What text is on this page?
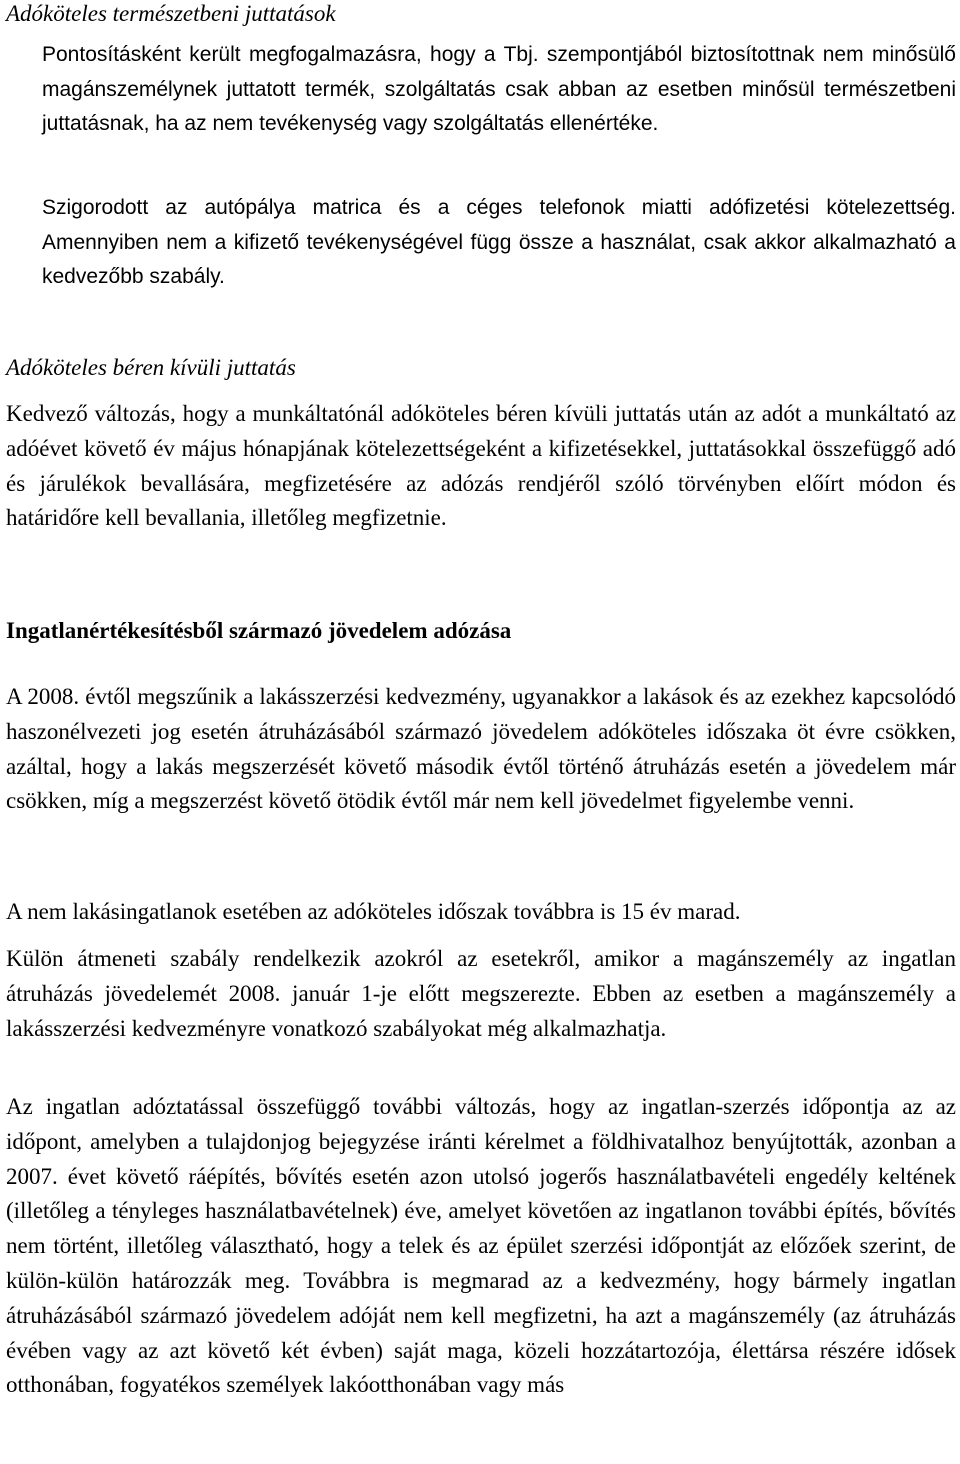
Adóköteles természetbeni juttatások

Pontosításként került megfogalmazásra, hogy a Tbj. szempontjából biztosítottnak nem minősülő magánszemélynek juttatott termék, szolgáltatás csak abban az esetben minősül természetbeni juttatásnak, ha az nem tevékenység vagy szolgáltatás ellenértéke.

Szigorodott az autópálya matrica és a céges telefonok miatti adófizetési kötelezettség. Amennyiben nem a kifizető tevékenységével függ össze a használat, csak akkor alkalmazható a kedvezőbb szabály.

Adóköteles béren kívüli juttatás

Kedvező változás, hogy a munkáltatónál adóköteles béren kívüli juttatás után az adót a munkáltató az adóévet követő év május hónapjának kötelezettségeként a kifizetésekkel, juttatásokkal összefüggő adó és járulékok bevallására, megfizetésére az adózás rendjéről szóló törvényben előírt módon és határidőre kell bevallania, illetőleg megfizetnie.

Ingatlanértékesítésből származó jövedelem adózása

A 2008. évtől megszűnik a lakásszerzési kedvezmény, ugyanakkor a lakások és az ezekhez kapcsolódó haszonélvezeti jog esetén átruházásából származó jövedelem adóköteles időszaka öt évre csökken, azáltal, hogy a lakás megszerzését követő második évtől történő átruházás esetén a jövedelem már csökken, míg a megszerzést követő ötödik évtől már nem kell jövedelmet figyelembe venni.

A nem lakásingatlanok esetében az adóköteles időszak továbbra is 15 év marad.

Külön átmeneti szabály rendelkezik azokról az esetekről, amikor a magánszemély az ingatlan átruházás jövedelemét 2008. január 1-je előtt megszerezte. Ebben az esetben a magánszemély a lakásszerzési kedvezményre vonatkozó szabályokat még alkalmazhatja.

Az ingatlan adóztatással összefüggő további változás, hogy az ingatlan-szerzés időpontja az az időpont, amelyben a tulajdonjog bejegyzése iránti kérelmet a földhivatalhoz benyújtották, azonban a 2007. évet követő ráépítés, bővítés esetén azon utolsó jogerős használatbavételi engedély keltének (illetőleg a tényleges használatbavételnek) éve, amelyet követően az ingatlanon további építés, bővítés nem történt, illetőleg választható, hogy a telek és az épület szerzési időpontját az előzőek szerint, de külön-külön határozzák meg. Továbbra is megmarad az a kedvezmény, hogy bármely ingatlan átruházásából származó jövedelem adóját nem kell megfizetni, ha azt a magánszemély (az átruházás évében vagy az azt követő két évben) saját maga, közeli hozzátartozója, élettársa részére idősek otthonában, fogyatékos személyek lakóotthonában vagy más
